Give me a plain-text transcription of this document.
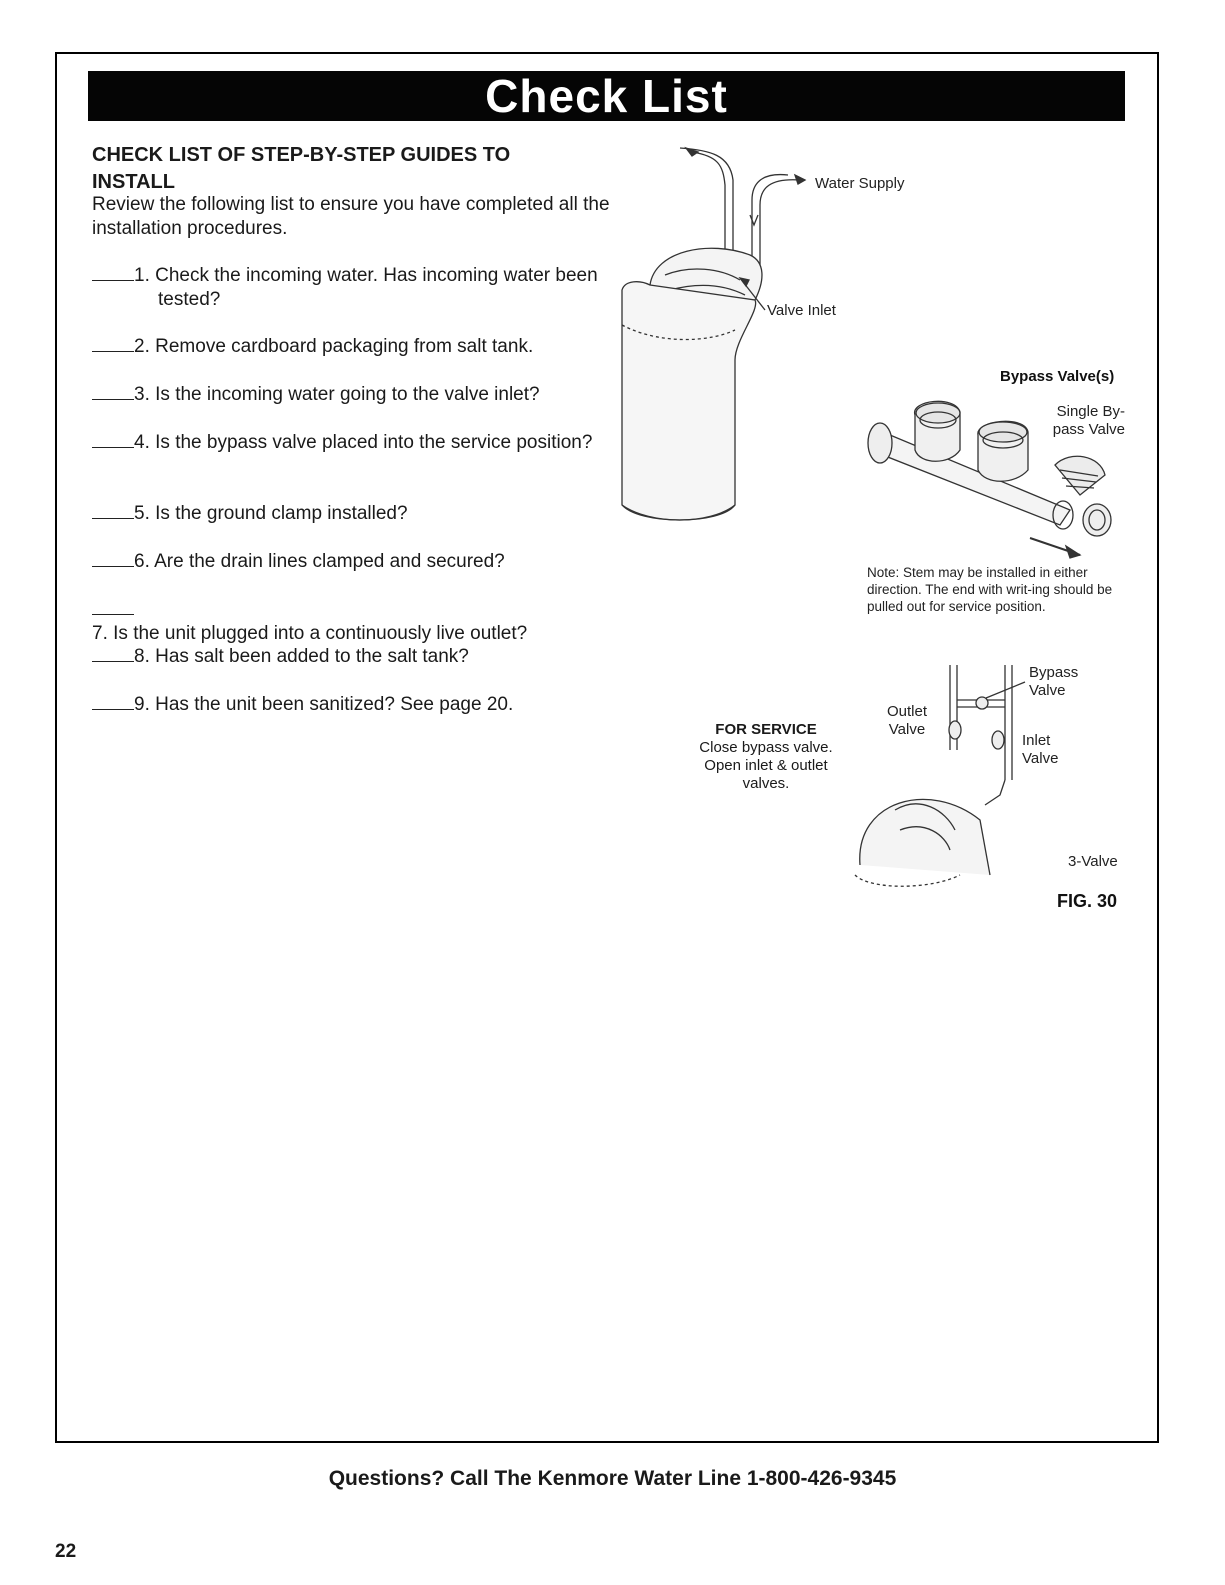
Check List
CHECK LIST OF STEP-BY-STEP GUIDES TO INSTALL
Review the following list to ensure you have completed all the installation procedures.
1. Check the incoming water. Has incoming water been tested?
2. Remove cardboard packaging from salt tank.
3. Is the incoming water going to the valve inlet?
4. Is the bypass valve placed into the service position?
5. Is the ground clamp installed?
6. Are the drain lines clamped and secured?
7. Is the unit plugged into a continuously live outlet?
8. Has salt been added to the salt tank?
9. Has the unit been sanitized? See page 20.
Water Supply
Valve Inlet
Bypass Valve(s)
Single By-
pass Valve
Note: Stem may be installed in either direction. The end with writ-ing should be pulled out for service position.
Bypass Valve
Outlet Valve
Inlet Valve
FOR SERVICE
Close bypass valve. Open inlet & outlet valves.
3-Valve
FIG. 30
Questions? Call The Kenmore Water Line 1-800-426-9345
22
